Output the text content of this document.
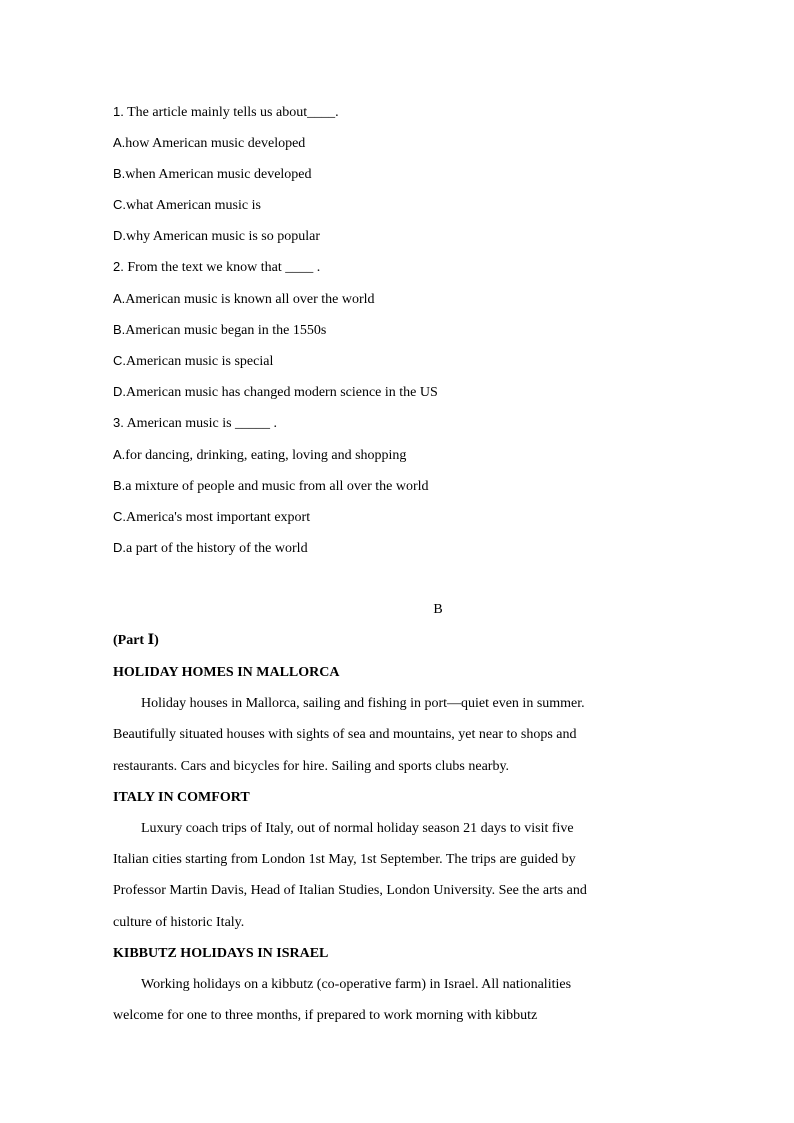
1. The article mainly tells us about____.
A.how American music developed
B.when American music developed
C.what American music is
D.why American music is so popular
2. From the text we know that ____ .
A.American music is known all over the world
B.American music began in the 1550s
C.American music is special
D.American music has changed modern science in the US
3. American music is _____ .
A.for dancing, drinking, eating, loving and shopping
B.a mixture of people and music from all over the world
C.America's most important export
D.a part of the history of the world
B
(Part Ⅰ)
HOLIDAY HOMES IN MALLORCA
Holiday houses in Mallorca, sailing and fishing in port—quiet even in summer.
Beautifully situated houses with sights of sea and mountains, yet near to shops and
restaurants. Cars and bicycles for hire. Sailing and sports clubs nearby.
ITALY IN COMFORT
Luxury coach trips of Italy, out of normal holiday season 21 days to visit five
Italian cities starting from London 1st May, 1st September. The trips are guided by
Professor Martin Davis, Head of Italian Studies, London University. See the arts and
culture of historic Italy.
KIBBUTZ HOLIDAYS IN ISRAEL
Working holidays on a kibbutz (co-operative farm) in Israel. All nationalities
welcome for one to three months, if prepared to work morning with kibbutz
